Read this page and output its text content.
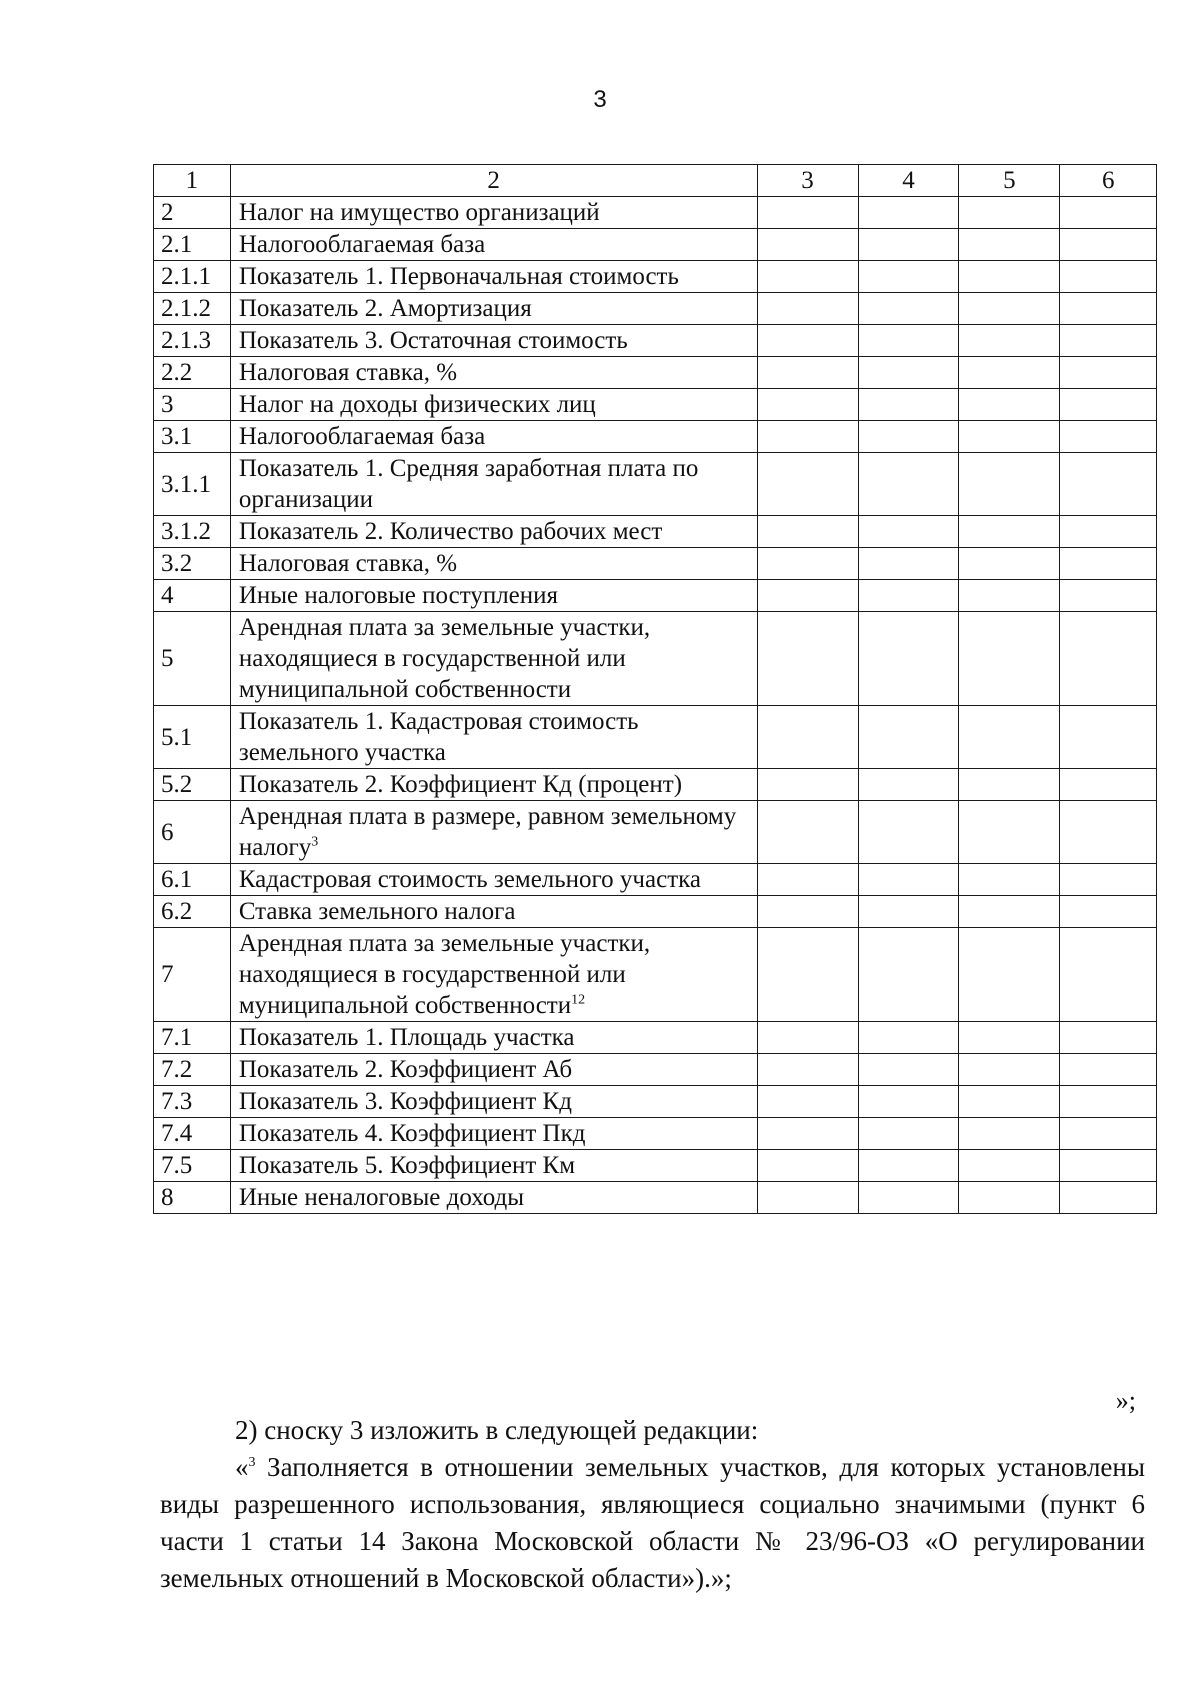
3
1	2	3	4	5	6
2	Налог на имущество организаций				
2.1	Налогооблагаемая база				
2.1.1	Показатель 1. Первоначальная стоимость				
2.1.2	Показатель 2. Амортизация				
2.1.3	Показатель 3. Остаточная стоимость				
2.2	Налоговая ставка, %				
3	Налог на доходы физических лиц				
3.1	Налогооблагаемая база				
3.1.1	Показатель 1. Средняя заработная плата по организации				
3.1.2	Показатель 2. Количество рабочих мест				
3.2	Налоговая ставка, %				
4	Иные налоговые поступления				
5	Арендная плата за земельные участки, находящиеся в государственной или муниципальной собственности				
5.1	Показатель 1. Кадастровая стоимость земельного участка				
5.2	Показатель 2. Коэффициент Кд (процент)				
6	Арендная плата в размере, равном земельному налогу$^3$				
6.1	Кадастровая стоимость земельного участка				
6.2	Ставка земельного налога				
7	Арендная плата за земельные участки, находящиеся в государственной или муниципальной собственности$^{12}$				
7.1	Показатель 1. Площадь участка				
7.2	Показатель 2. Коэффициент Аб				
7.3	Показатель 3. Коэффициент Кд				
7.4	Показатель 4. Коэффициент Пкд				
7.5	Показатель 5. Коэффициент Км				
8	Иные неналоговые доходы				
»;

2) сноску 3 изложить в следующей редакции:

«$^3$ Заполняется в отношении земельных участков, для которых установлены виды разрешенного использования, являющиеся социально значимыми (пункт 6 части 1 статьи 14 Закона Московской области № 23/96-ОЗ «О регулировании земельных отношений в Московской области»).»;
